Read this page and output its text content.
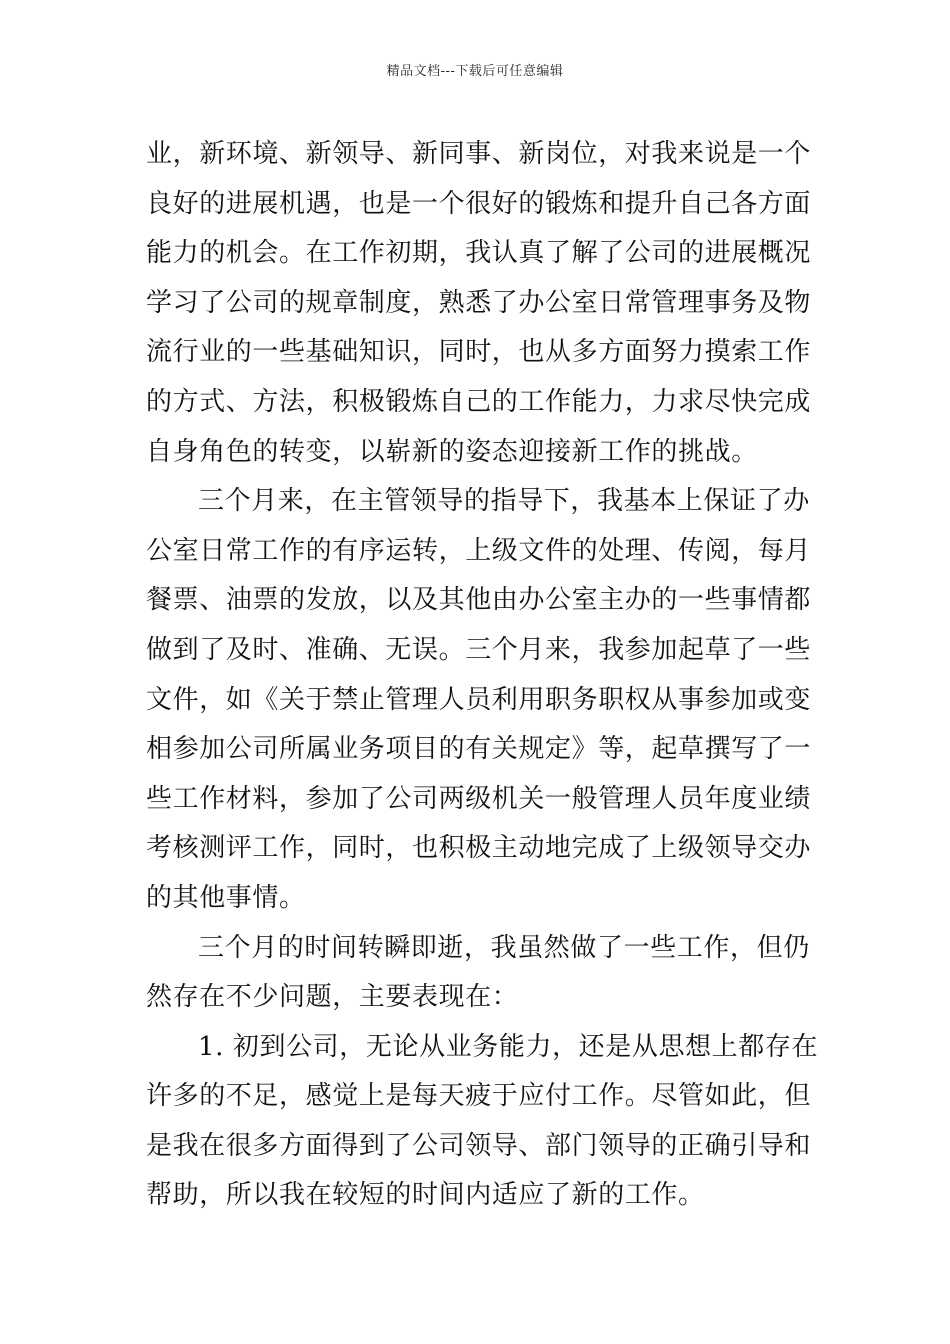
精品文档---下载后可任意编辑
业，新环境、新领导、新同事、新岗位，对我来说是一个
良好的进展机遇，也是一个很好的锻炼和提升自己各方面
能力的机会。在工作初期，我认真了解了公司的进展概况
学习了公司的规章制度，熟悉了办公室日常管理事务及物
流行业的一些基础知识，同时，也从多方面努力摸索工作
的方式、方法，积极锻炼自己的工作能力，力求尽快完成
自身角色的转变，以崭新的姿态迎接新工作的挑战。
三个月来，在主管领导的指导下，我基本上保证了办
公室日常工作的有序运转，上级文件的处理、传阅，每月
餐票、油票的发放，以及其他由办公室主办的一些事情都
做到了及时、准确、无误。三个月来，我参加起草了一些
文件，如《关于禁止管理人员利用职务职权从事参加或变
相参加公司所属业务项目的有关规定》等，起草撰写了一
些工作材料，参加了公司两级机关一般管理人员年度业绩
考核测评工作，同时，也积极主动地完成了上级领导交办
的其他事情。
三个月的时间转瞬即逝，我虽然做了一些工作，但仍
然存在不少问题，主要表现在：
1. 初到公司，无论从业务能力，还是从思想上都存在
许多的不足，感觉上是每天疲于应付工作。尽管如此，但
是我在很多方面得到了公司领导、部门领导的正确引导和
帮助，所以我在较短的时间内适应了新的工作。
